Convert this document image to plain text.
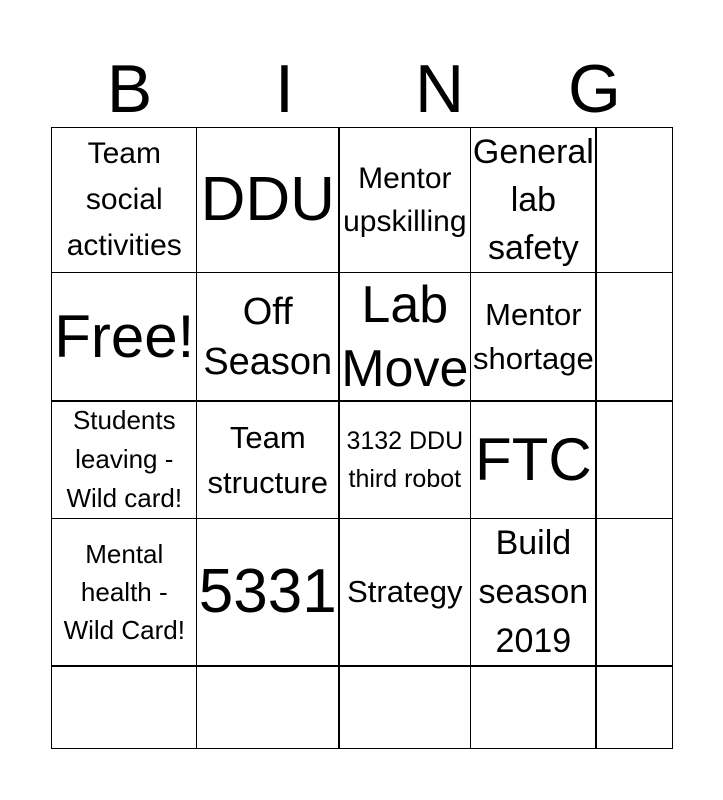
B	I	N	G
Team
social
activities
DDU Mentor
upskilling
General
lab
safety
Free!	Off
Season
Lab
Move
Mentor
shortage
Students
leaving -
Wild card!
Team
structure
3132 DDU
third robot FTC
Mental
health -
Wild Card!
5331 Strategy
Build
season
2019
